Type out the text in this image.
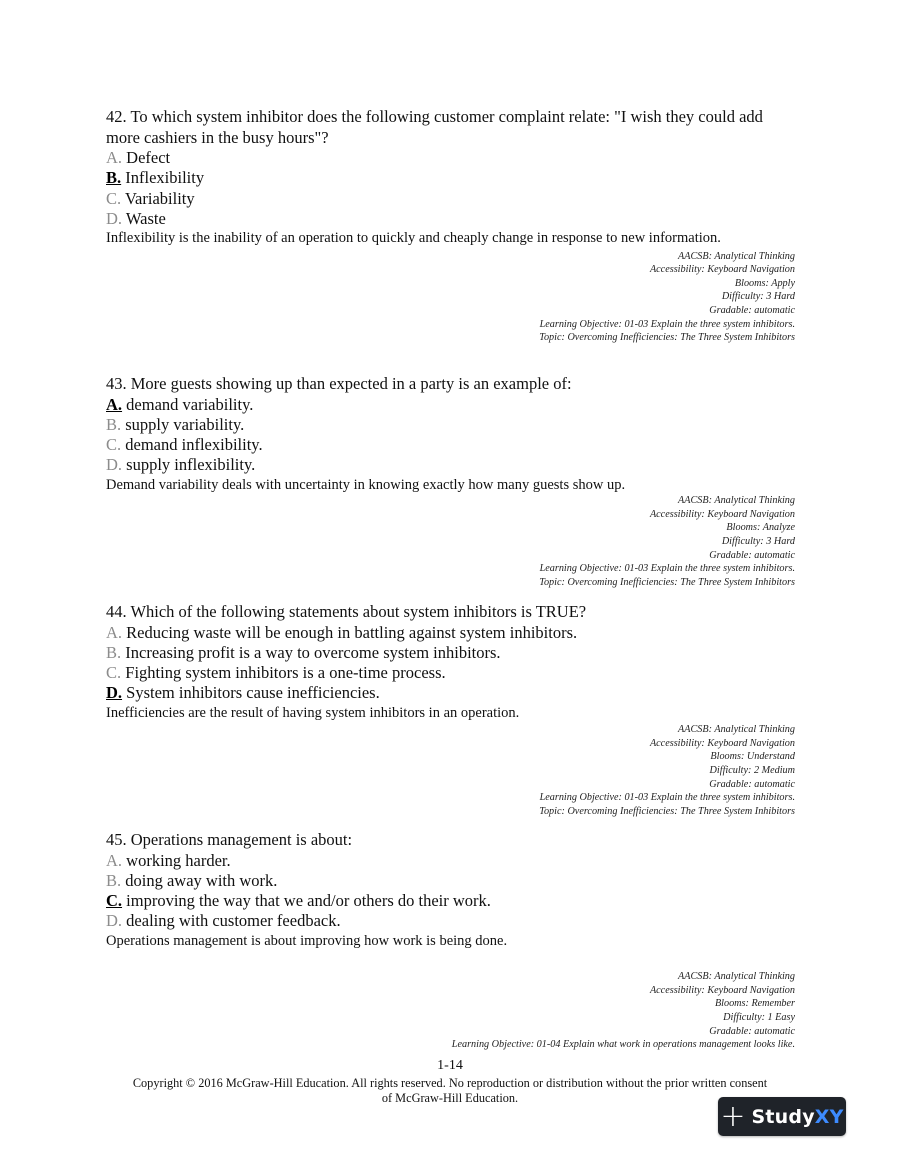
42. To which system inhibitor does the following customer complaint relate: "I wish they could add more cashiers in the busy hours"?
A. Defect
B. Inflexibility
C. Variability
D. Waste
Inflexibility is the inability of an operation to quickly and cheaply change in response to new information.
AACSB: Analytical Thinking
Accessibility: Keyboard Navigation
Blooms: Apply
Difficulty: 3 Hard
Gradable: automatic
Learning Objective: 01-03 Explain the three system inhibitors.
Topic: Overcoming Inefficiencies: The Three System Inhibitors
43. More guests showing up than expected in a party is an example of:
A. demand variability.
B. supply variability.
C. demand inflexibility.
D. supply inflexibility.
Demand variability deals with uncertainty in knowing exactly how many guests show up.
AACSB: Analytical Thinking
Accessibility: Keyboard Navigation
Blooms: Analyze
Difficulty: 3 Hard
Gradable: automatic
Learning Objective: 01-03 Explain the three system inhibitors.
Topic: Overcoming Inefficiencies: The Three System Inhibitors
44. Which of the following statements about system inhibitors is TRUE?
A. Reducing waste will be enough in battling against system inhibitors.
B. Increasing profit is a way to overcome system inhibitors.
C. Fighting system inhibitors is a one-time process.
D. System inhibitors cause inefficiencies.
Inefficiencies are the result of having system inhibitors in an operation.
AACSB: Analytical Thinking
Accessibility: Keyboard Navigation
Blooms: Understand
Difficulty: 2 Medium
Gradable: automatic
Learning Objective: 01-03 Explain the three system inhibitors.
Topic: Overcoming Inefficiencies: The Three System Inhibitors
45. Operations management is about:
A. working harder.
B. doing away with work.
C. improving the way that we and/or others do their work.
D. dealing with customer feedback.
Operations management is about improving how work is being done.
AACSB: Analytical Thinking
Accessibility: Keyboard Navigation
Blooms: Remember
Difficulty: 1 Easy
Gradable: automatic
Learning Objective: 01-04 Explain what work in operations management looks like.
1-14
Copyright © 2016 McGraw-Hill Education. All rights reserved. No reproduction or distribution without the prior written consent
of McGraw-Hill Education.
+ StudyXY
